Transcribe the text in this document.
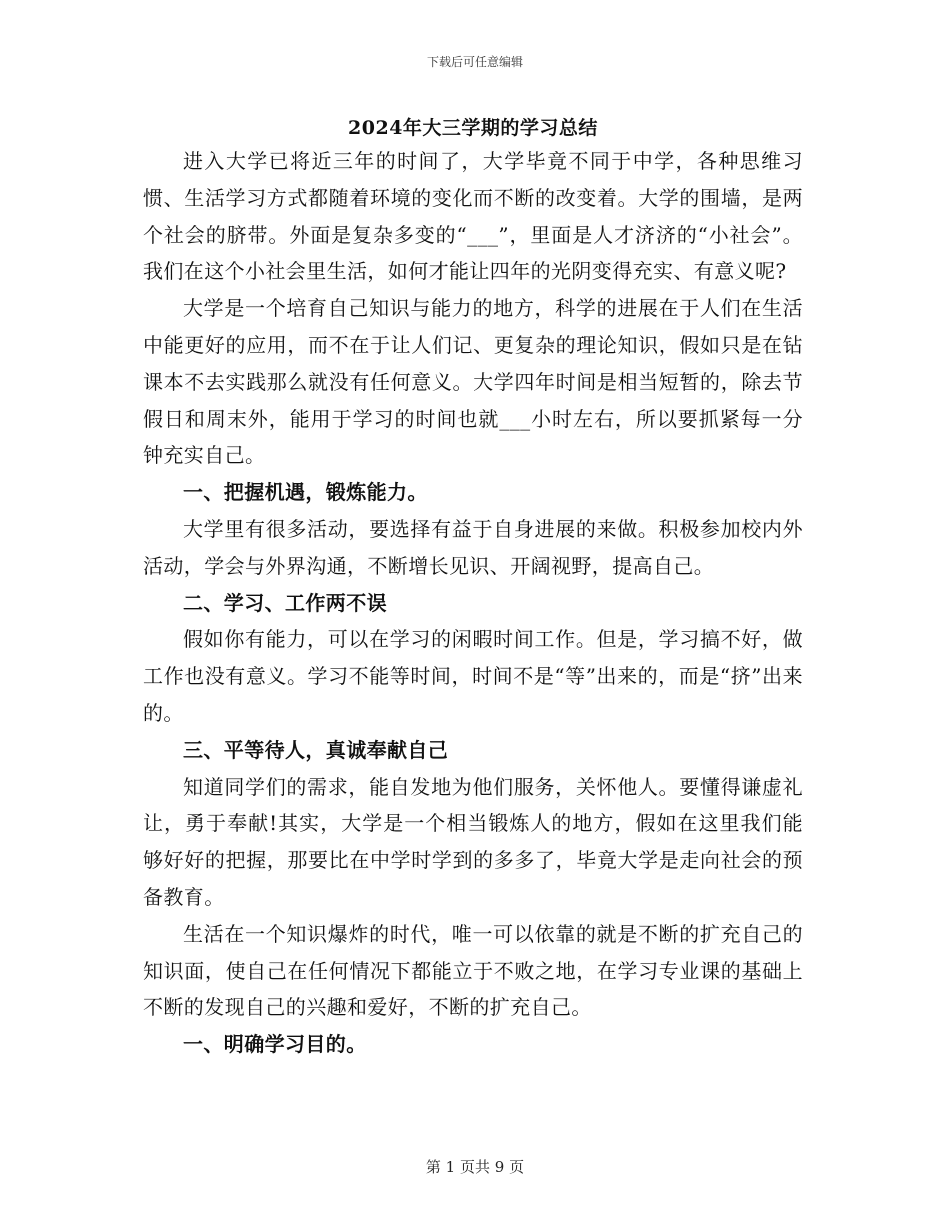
下载后可任意编辑
2024年大三学期的学习总结

进入大学已将近三年的时间了，大学毕竟不同于中学，各种思维习惯、生活学习方式都随着环境的变化而不断的改变着。大学的围墙，是两个社会的脐带。外面是复杂多变的“___”，里面是人才济济的“小社会”。我们在这个小社会里生活，如何才能让四年的光阴变得充实、有意义呢?

大学是一个培育自己知识与能力的地方，科学的进展在于人们在生活中能更好的应用，而不在于让人们记、更复杂的理论知识，假如只是在钻课本不去实践那么就没有任何意义。大学四年时间是相当短暂的，除去节假日和周末外，能用于学习的时间也就___小时左右，所以要抓紧每一分钟充实自己。

一、把握机遇，锻炼能力。

大学里有很多活动，要选择有益于自身进展的来做。积极参加校内外活动，学会与外界沟通，不断增长见识、开阔视野，提高自己。

二、学习、工作两不误

假如你有能力，可以在学习的闲暇时间工作。但是，学习搞不好，做工作也没有意义。学习不能等时间，时间不是“等”出来的，而是“挤”出来的。

三、平等待人，真诚奉献自己

知道同学们的需求，能自发地为他们服务，关怀他人。要懂得谦虚礼让，勇于奉献!其实，大学是一个相当锻炼人的地方，假如在这里我们能够好好的把握，那要比在中学时学到的多多了，毕竟大学是走向社会的预备教育。

生活在一个知识爆炸的时代，唯一可以依靠的就是不断的扩充自己的知识面，使自己在任何情况下都能立于不败之地，在学习专业课的基础上不断的发现自己的兴趣和爱好，不断的扩充自己。

一、明确学习目的。

第 1 页共 9 页
